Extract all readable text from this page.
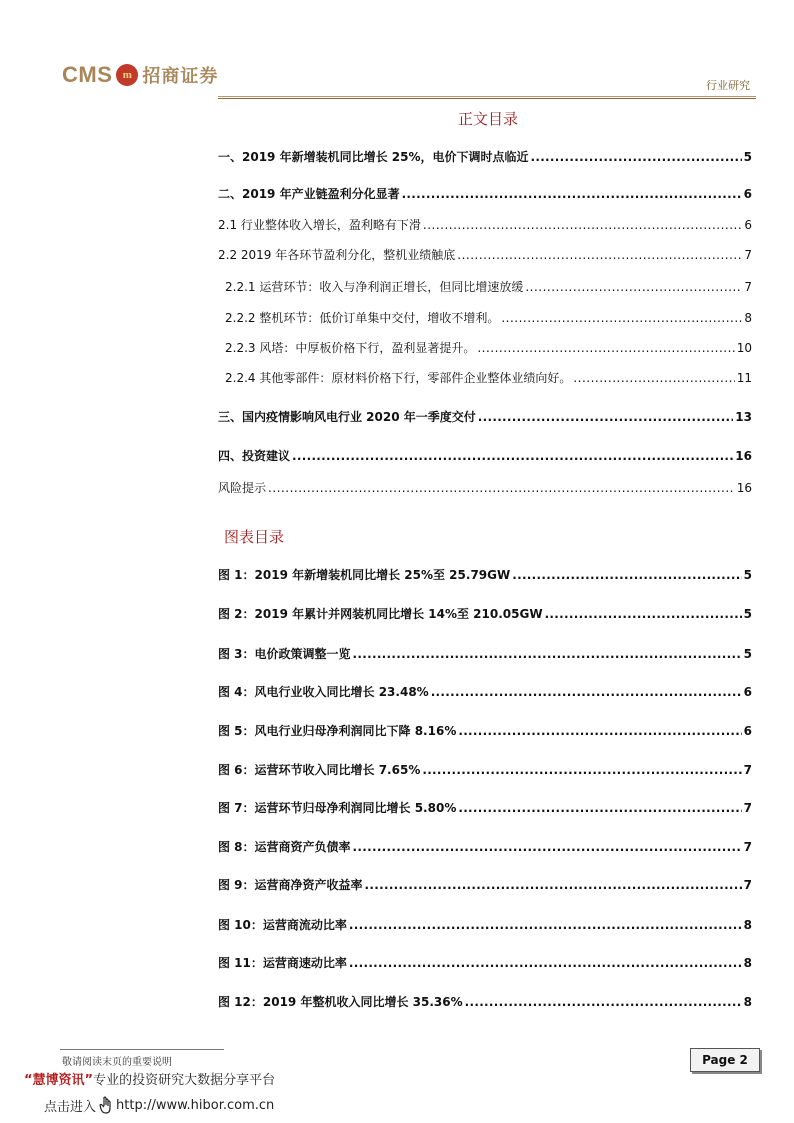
CMS m 招商证券	行业研究
正文目录
一、2019 年新增装机同比增长 25%，电价下调时点临近 .....	5
二、2019 年产业链盈利分化显著 .....	6
2.1 行业整体收入增长，盈利略有下滑 .....	6
2.2 2019 年各环节盈利分化，整机业绩触底 .....	7
2.2.1 运营环节：收入与净利润正增长，但同比增速放缓 .....	7
2.2.2 整机环节：低价订单集中交付，增收不增利。 .....	8
2.2.3 风塔：中厚板价格下行，盈利显著提升。 .....	10
2.2.4 其他零部件：原材料价格下行，零部件企业整体业绩向好。 .....	11
三、国内疫情影响风电行业 2020 年一季度交付 .....	13
四、投资建议 .....	16
风险提示 .....	16
图表目录
图 1：2019 年新增装机同比增长 25%至 25.79GW .....	5
图 2：2019 年累计并网装机同比增长 14%至 210.05GW .....	5
图 3：电价政策调整一览 .....	5
图 4：风电行业收入同比增长 23.48% .....	6
图 5：风电行业归母净利润同比下降 8.16% .....	6
图 6：运营环节收入同比增长 7.65% .....	7
图 7：运营环节归母净利润同比增长 5.80% .....	7
图 8：运营商资产负债率 .....	7
图 9：运营商净资产收益率 .....	7
图 10：运营商流动比率 .....	8
图 11：运营商速动比率 .....	8
图 12：2019 年整机收入同比增长 35.36% .....	8
敬请阅读末页的重要说明
“慧博资讯”专业的投资研究大数据分享平台
点击进入 http://www.hibor.com.cn
Page 2
